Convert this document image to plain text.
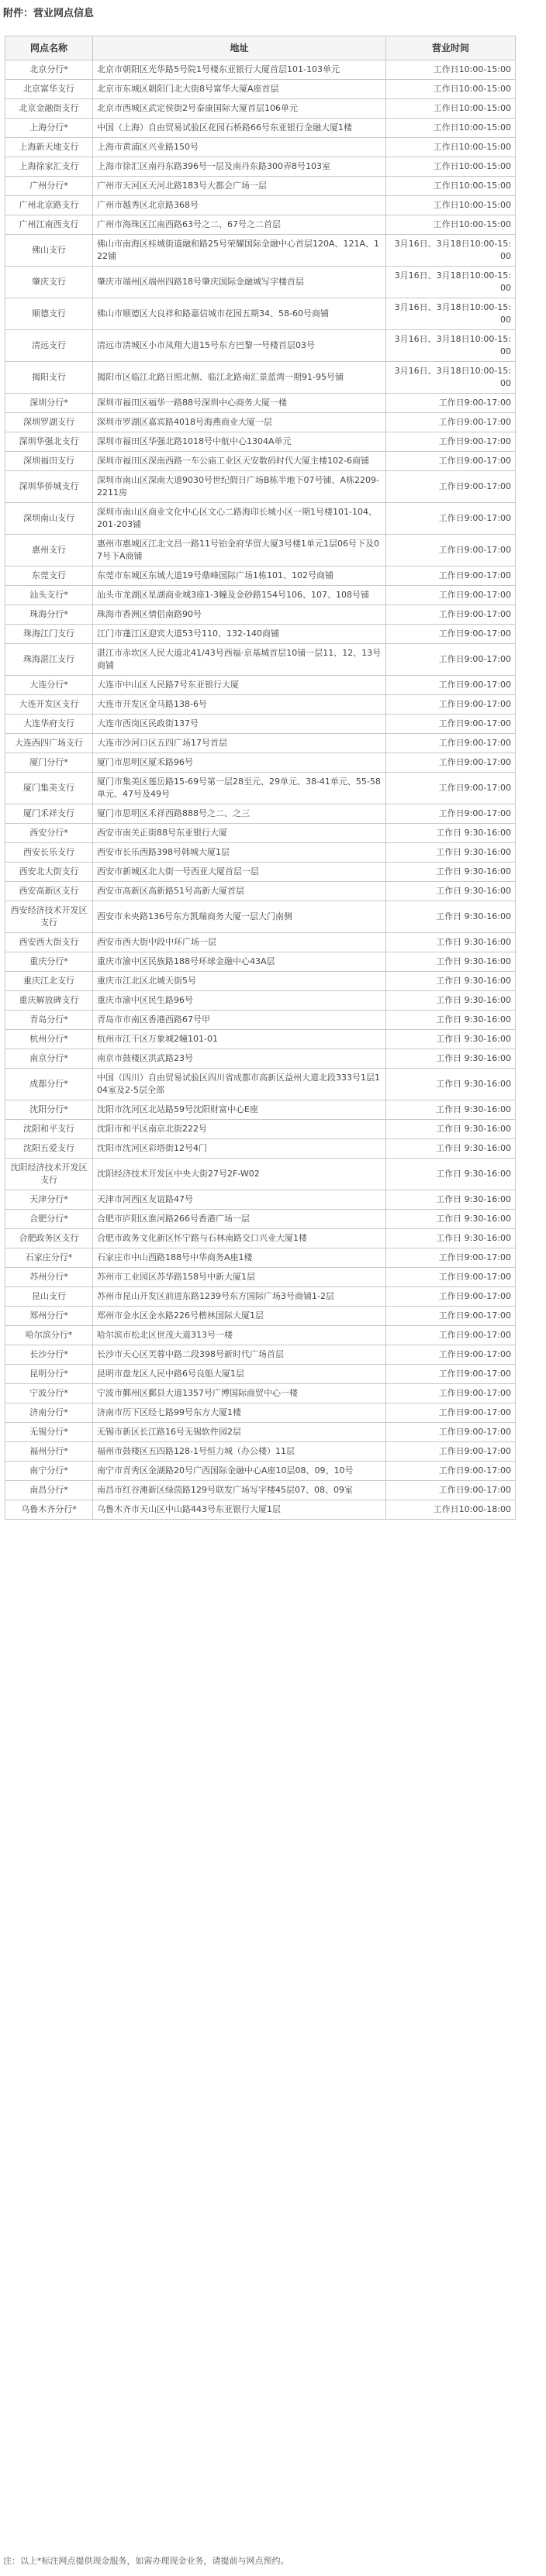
附件：营业网点信息
网点名称	地址	营业时间
北京分行*	北京市朝阳区光华路5号院1号楼东亚银行大厦首层101-103单元	工作日10:00-15:00
北京富华支行	北京市东城区朝阳门北大街8号富华大厦A座首层	工作日10:00-15:00
北京金融街支行	北京市西城区武定侯街2号泰康国际大厦首层106单元	工作日10:00-15:00
上海分行*	中国（上海）自由贸易试验区花园石桥路66号东亚银行金融大厦1楼	工作日10:00-15:00
上海新天地支行	上海市黄浦区兴业路150号	工作日10:00-15:00
上海徐家汇支行	上海市徐汇区南丹东路396号一层及南丹东路300弄8号103室	工作日10:00-15:00
广州分行*	广州市天河区天河北路183号大都会广场一层	工作日10:00-15:00
广州北京路支行	广州市越秀区北京路368号	工作日10:00-15:00
广州江南西支行	广州市海珠区江南西路63号之二、67号之二首层	工作日10:00-15:00
佛山支行	佛山市南海区桂城街道融和路25号荣耀国际金融中心首层120A、121A、122铺	3月16日、3月18日10:00-15:00
肇庆支行	肇庆市端州区端州四路18号肇庆国际金融城写字楼首层	3月16日、3月18日10:00-15:00
顺德支行	佛山市顺德区大良祥和路嘉信城市花园五期34、58-60号商铺	3月16日、3月18日10:00-15:00
清远支行	清远市清城区小市凤翔大道15号东方巴黎一号楼首层03号	3月16日、3月18日10:00-15:00
揭阳支行	揭阳市区临江北路日照北侧、临江北路南汇景蓝湾一期91-95号铺	3月16日、3月18日10:00-15:00
深圳分行*	深圳市福田区福华一路88号深圳中心商务大厦一楼	工作日9:00-17:00
深圳罗湖支行	深圳市罗湖区嘉宾路4018号海燕商业大厦一层	工作日9:00-17:00
深圳华强北支行	深圳市福田区华强北路1018号中航中心1304A单元	工作日9:00-17:00
深圳福田支行	深圳市福田区深南西路一车公庙工业区天安数码时代大厦主楼102-6商铺	工作日9:00-17:00
深圳华侨城支行	深圳市南山区深南大道9030号世纪假日广场B栋半地下07号铺、A栋2209-2211房	工作日9:00-17:00
深圳南山支行	深圳市南山区商业文化中心区文心二路海印长城小区一期1号楼101-104、201-203铺	工作日9:00-17:00
惠州支行	惠州市惠城区江北文昌一路11号铂金府华贸大厦3号楼1单元1层06号下及07号下A商铺	工作日9:00-17:00
东莞支行	东莞市东城区东城大道19号鼎峰国际广场1栋101、102号商铺	工作日9:00-17:00
汕头支行*	汕头市龙湖区星湖商业城3座1-3幢及金砂路154号106、107、108号铺	工作日9:00-17:00
珠海分行*	珠海市香洲区情侣南路90号	工作日9:00-17:00
珠海江门支行	江门市蓬江区迎宾大道53号110、132-140商铺	工作日9:00-17:00
珠海湛江支行	湛江市赤坎区人民大道北41/43号西福·京基城首层10铺一层11、12、13号商铺	工作日9:00-17:00
大连分行*	大连市中山区人民路7号东亚银行大厦	工作日9:00-17:00
大连开发区支行	大连市开发区金马路138-6号	工作日9:00-17:00
大连华府支行	大连市西岗区民政街137号	工作日9:00-17:00
大连西四广场支行	大连市沙河口区五四广场17号首层	工作日9:00-17:00
厦门分行*	厦门市思明区厦禾路96号	工作日9:00-17:00
厦门集美支行	厦门市集美区莲岳路15-69号第一层28至元、29单元、38-41单元、55-58单元、47号及49号	工作日9:00-17:00
厦门禾祥支行	厦门市思明区禾祥西路888号之二、之三	工作日9:00-17:00
西安分行*	西安市南关正街88号东亚银行大厦	工作日 9:30-16:00
西安长乐支行	西安市长乐西路398号韩城大厦1层	工作日 9:30-16:00
西安北大街支行	西安市新城区北大街一号西亚大厦首层一层	工作日 9:30-16:00
西安高新区支行	西安市高新区高新路51号高新大厦首层	工作日 9:30-16:00
西安经济技术开发区支行	西安市未央路136号东方凯瑞商务大厦一层大门南侧	工作日 9:30-16:00
西安西大街支行	西安市西大街中段中环广场一层	工作日 9:30-16:00
重庆分行*	重庆市渝中区民族路188号环球金融中心43A层	工作日 9:30-16:00
重庆江北支行	重庆市江北区北城天街5号	工作日 9:30-16:00
重庆解放碑支行	重庆市渝中区民生路96号	工作日 9:30-16:00
青岛分行*	青岛市市南区香港西路67号甲	工作日 9:30-16:00
杭州分行*	杭州市江干区万象城2幢101-01	工作日 9:30-16:00
南京分行*	南京市鼓楼区洪武路23号	工作日 9:30-16:00
成都分行*	中国（四川）自由贸易试验区四川省成都市高新区益州大道北段333号1层104室及2-5层全部	工作日 9:30-16:00
沈阳分行*	沈阳市沈河区北站路59号沈阳财富中心E座	工作日 9:30-16:00
沈阳和平支行	沈阳市和平区南京北街222号	工作日 9:30-16:00
沈阳五爱支行	沈阳市沈河区彩塔街12号4门	工作日 9:30-16:00
沈阳经济技术开发区支行	沈阳经济技术开发区中央大街27号2F-W02	工作日 9:30-16:00
天津分行*	天津市河西区友谊路47号	工作日 9:30-16:00
合肥分行*	合肥市庐阳区淮河路266号香港广场一层	工作日 9:30-16:00
合肥政务区支行	合肥市政务文化新区怀宁路与石林南路交口兴业大厦1楼	工作日 9:30-16:00
石家庄分行*	石家庄市中山西路188号中华商务A座1楼	工作日9:00-17:00
苏州分行*	苏州市工业园区苏华路158号中新大厦1层	工作日9:00-17:00
昆山支行	苏州市昆山开发区前进东路1239号东方国际广场3号商铺1-2层	工作日9:00-17:00
郑州分行*	郑州市金水区金水路226号楷林国际大厦1层	工作日9:00-17:00
哈尔滨分行*	哈尔滨市松北区世茂大道313号一楼	工作日9:00-17:00
长沙分行*	长沙市天心区芙蓉中路二段398号新时代广场首层	工作日9:00-17:00
昆明分行*	昆明市盘龙区人民中路6号良船大厦1层	工作日9:00-17:00
宁波分行*	宁波市鄞州区鄞县大道1357号广博国际商贸中心一楼	工作日9:00-17:00
济南分行*	济南市历下区经七路99号东方大厦1楼	工作日9:00-17:00
无锡分行*	无锡市新区长江路16号无锡软件园2层	工作日9:00-17:00
福州分行*	福州市鼓楼区五四路128-1号恒力城（办公楼）11层	工作日9:00-17:00
南宁分行*	南宁市青秀区金湖路20号广西国际金融中心A座10层08、09、10号	工作日9:00-17:00
南昌分行*	南昌市红谷滩新区绿茵路129号联发广场写字楼45层07、08、09室	工作日9:00-17:00
乌鲁木齐分行*	乌鲁木齐市天山区中山路443号东亚银行大厦1层	工作日10:00-18:00
注：以上*标注网点提供现金服务，如需办理现金业务，请提前与网点预约。
